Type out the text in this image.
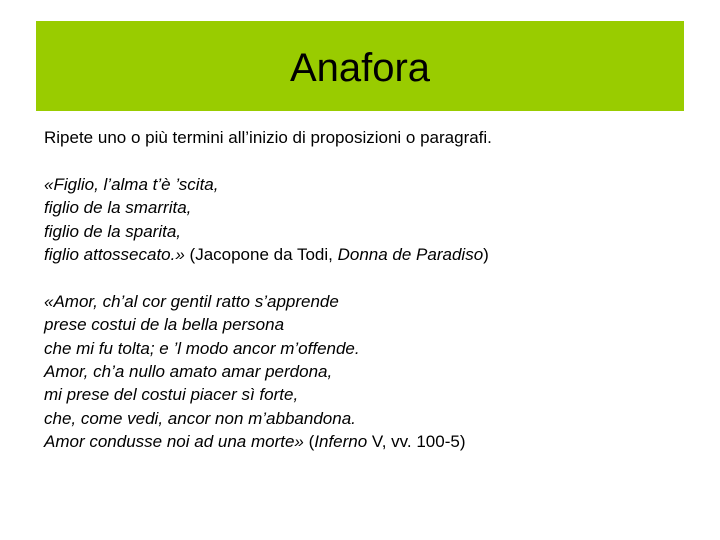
Anafora

Ripete uno o più termini all’inizio di proposizioni o paragrafi.

«Figlio, l’alma t’è ’scita,
figlio de la smarrita,
figlio de la sparita,
figlio attossecato.» (Jacopone da Todi, Donna de Paradiso)
«Amor, ch’al cor gentil ratto s’apprende
prese costui de la bella persona
che mi fu tolta; e ’l modo ancor m’offende.
Amor, ch’a nullo amato amar perdona,
mi prese del costui piacer sì forte,
che, come vedi, ancor non m’abbandona.
Amor condusse noi ad una morte» (Inferno V, vv. 100-5)
